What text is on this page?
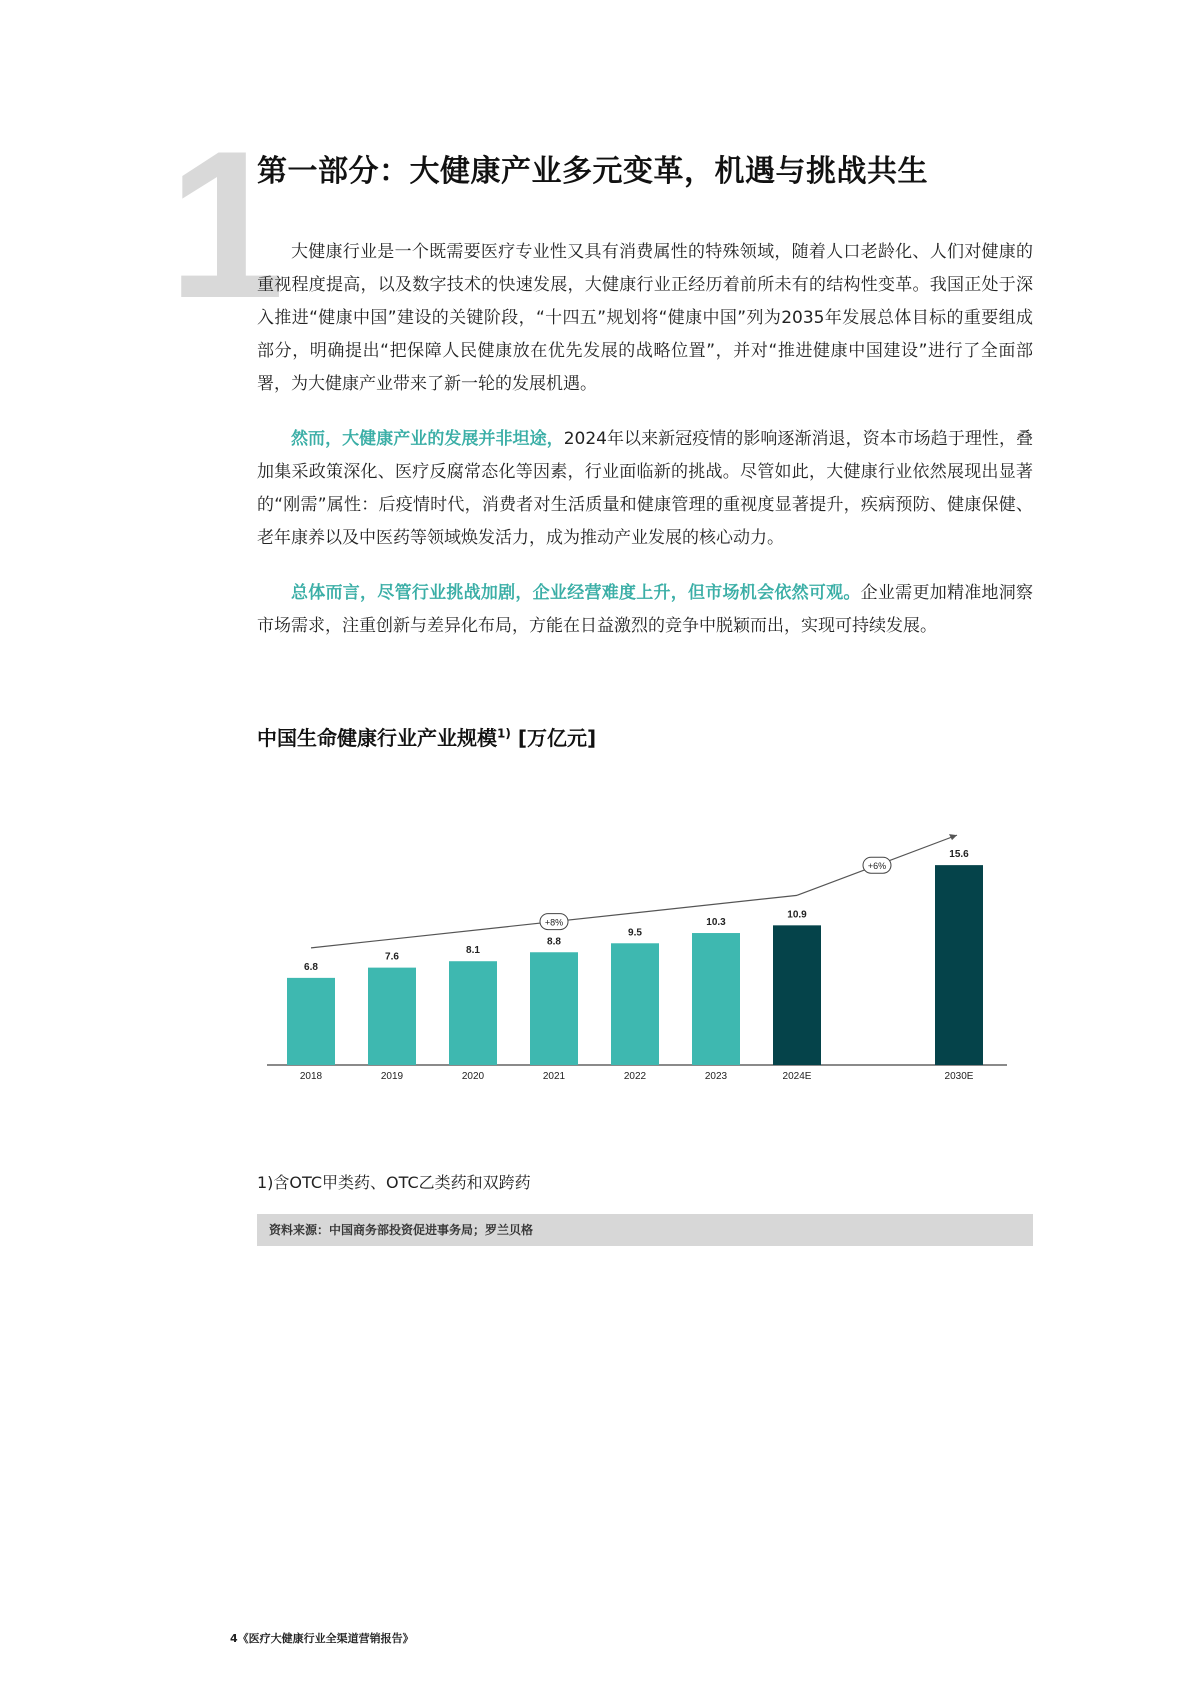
1
第一部分：大健康产业多元变革，机遇与挑战共生

大健康行业是一个既需要医疗专业性又具有消费属性的特殊领域，随着人口老龄化、人们对健康的重视程度提高，以及数字技术的快速发展，大健康行业正经历着前所未有的结构性变革。我国正处于深入推进“健康中国”建设的关键阶段，“十四五”规划将“健康中国”列为2035年发展总体目标的重要组成部分，明确提出“把保障人民健康放在优先发展的战略位置”，并对“推进健康中国建设”进行了全面部署，为大健康产业带来了新一轮的发展机遇。

然而，大健康产业的发展并非坦途，2024年以来新冠疫情的影响逐渐消退，资本市场趋于理性，叠加集采政策深化、医疗反腐常态化等因素，行业面临新的挑战。尽管如此，大健康行业依然展现出显著的“刚需”属性：后疫情时代，消费者对生活质量和健康管理的重视度显著提升，疾病预防、健康保健、老年康养以及中医药等领域焕发活力，成为推动产业发展的核心动力。

总体而言，尽管行业挑战加剧，企业经营难度上升，但市场机会依然可观。企业需更加精准地洞察市场需求，注重创新与差异化布局，方能在日益激烈的竞争中脱颖而出，实现可持续发展。

中国生命健康行业产业规模$^{1)}$ [万亿元]
6.8
2018
7.6
2019
8.1
2020
8.8
2021
9.5
2022
10.3
2023
10.9
2024E
15.6
2030E
+8%
+6%
1)含OTC甲类药、OTC乙类药和双跨药
资料来源：中国商务部投资促进事务局；罗兰贝格
4《医疗大健康行业全渠道营销报告》
